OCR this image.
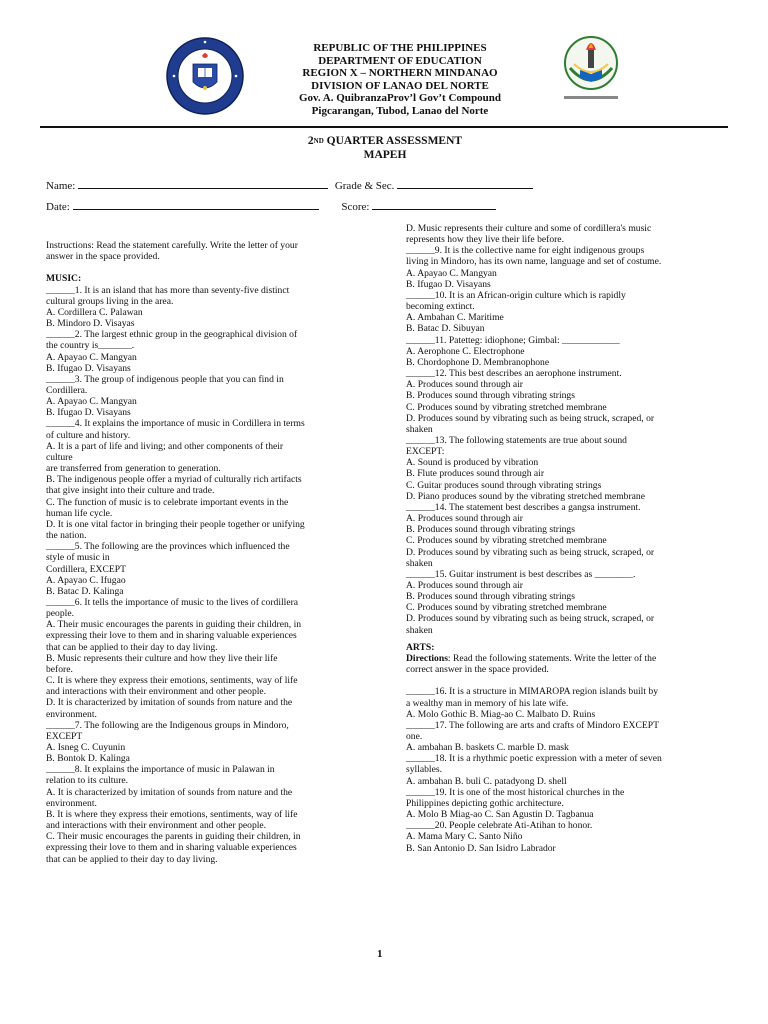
REPUBLIC OF THE PHILIPPINES
DEPARTMENT OF EDUCATION
REGION X – NORTHERN MINDANAO
DIVISION OF LANAO DEL NORTE
Gov. A. QuibranzaProv’l Gov’t Compound
Pigcarangan, Tubod, Lanao del Norte
2ND QUARTER ASSESSMENT
MAPEH
Name:	Grade & Sec.
Date:	Score:
Instructions: Read the statement carefully. Write the letter of your
answer in the space provided.
MUSIC:
______1. It is an island that has more than seventy-five distinct
cultural groups living in the area.
A. Cordillera C. Palawan
B. Mindoro D. Visayas
______2. The largest ethnic group in the geographical division of
the country is_______.
A. Apayao C. Mangyan
B. Ifugao D. Visayans
______3. The group of indigenous people that you can find in
Cordillera.
A. Apayao C. Mangyan
B. Ifugao D. Visayans
______4. It explains the importance of music in Cordillera in terms
of culture and history.
A. It is a part of life and living; and other components of their
culture
are transferred from generation to generation.
B. The indigenous people offer a myriad of culturally rich artifacts
that give insight into their culture and trade.
C. The function of music is to celebrate important events in the
human life cycle.
D. It is one vital factor in bringing their people together or unifying
the nation.
______5. The following are the provinces which influenced the
style of music in
Cordillera, EXCEPT
A. Apayao C. Ifugao
B. Batac D. Kalinga
______6. It tells the importance of music to the lives of cordillera
people.
A. Their music encourages the parents in guiding their children, in
expressing their love to them and in sharing valuable experiences
that can be applied to their day to day living.
B. Music represents their culture and how they live their life
before.
C. It is where they express their emotions, sentiments, way of life
and interactions with their environment and other people.
D. It is characterized by imitation of sounds from nature and the
environment.
______7. The following are the Indigenous groups in Mindoro,
EXCEPT
A. Isneg C. Cuyunin
B. Bontok D. Kalinga
______8. It explains the importance of music in Palawan in
relation to its culture.
A. It is characterized by imitation of sounds from nature and the
environment.
B. It is where they express their emotions, sentiments, way of life
and interactions with their environment and other people.
C. Their music encourages the parents in guiding their children, in
expressing their love to them and in sharing valuable experiences
that can be applied to their day to day living.
D. Music represents their culture and some of cordillera's music
represents how they live their life before.
______9. It is the collective name for eight indigenous groups
living in Mindoro, has its own name, language and set of costume.
A. Apayao C. Mangyan
B. Ifugao D. Visayans
______10. It is an African-origin culture which is rapidly
becoming extinct.
A. Ambahan C. Maritime
B. Batac D. Sibuyan
______11. Patetteg: idiophone; Gimbal: ____________
A. Aerophone C. Electrophone
B. Chordophone D. Membranophone
______12. This best describes an aerophone instrument.
A. Produces sound through air
B. Produces sound through vibrating strings
C. Produces sound by vibrating stretched membrane
D. Produces sound by vibrating such as being struck, scraped, or
shaken
______13. The following statements are true about sound
EXCEPT:
A. Sound is produced by vibration
B. Flute produces sound through air
C. Guitar produces sound through vibrating strings
D. Piano produces sound by the vibrating stretched membrane
______14. The statement best describes a gangsa instrument.
A. Produces sound through air
B. Produces sound through vibrating strings
C. Produces sound by vibrating stretched membrane
D. Produces sound by vibrating such as being struck, scraped, or
shaken
______15. Guitar instrument is best describes as ________.
A. Produces sound through air
B. Produces sound through vibrating strings
C. Produces sound by vibrating stretched membrane
D. Produces sound by vibrating such as being struck, scraped, or
shaken
ARTS:
Directions: Read the following statements. Write the letter of the
correct answer in the space provided.
______16. It is a structure in MIMAROPA region islands built by
a wealthy man in memory of his late wife.
A. Molo Gothic B. Miag-ao C. Malbato D. Ruins
______17. The following are arts and crafts of Mindoro EXCEPT
one.
A. ambahan B. baskets C. marble D. mask
______18. It is a rhythmic poetic expression with a meter of seven
syllables.
A. ambahan B. buli C. patadyong D. shell
______19. It is one of the most historical churches in the
Philippines depicting gothic architecture.
A. Molo B Miag-ao C. San Agustin D. Tagbanua
______20. People celebrate Ati-Atihan to honor.
A. Mama Mary C. Santo Niño
B. San Antonio D. San Isidro Labrador
1
